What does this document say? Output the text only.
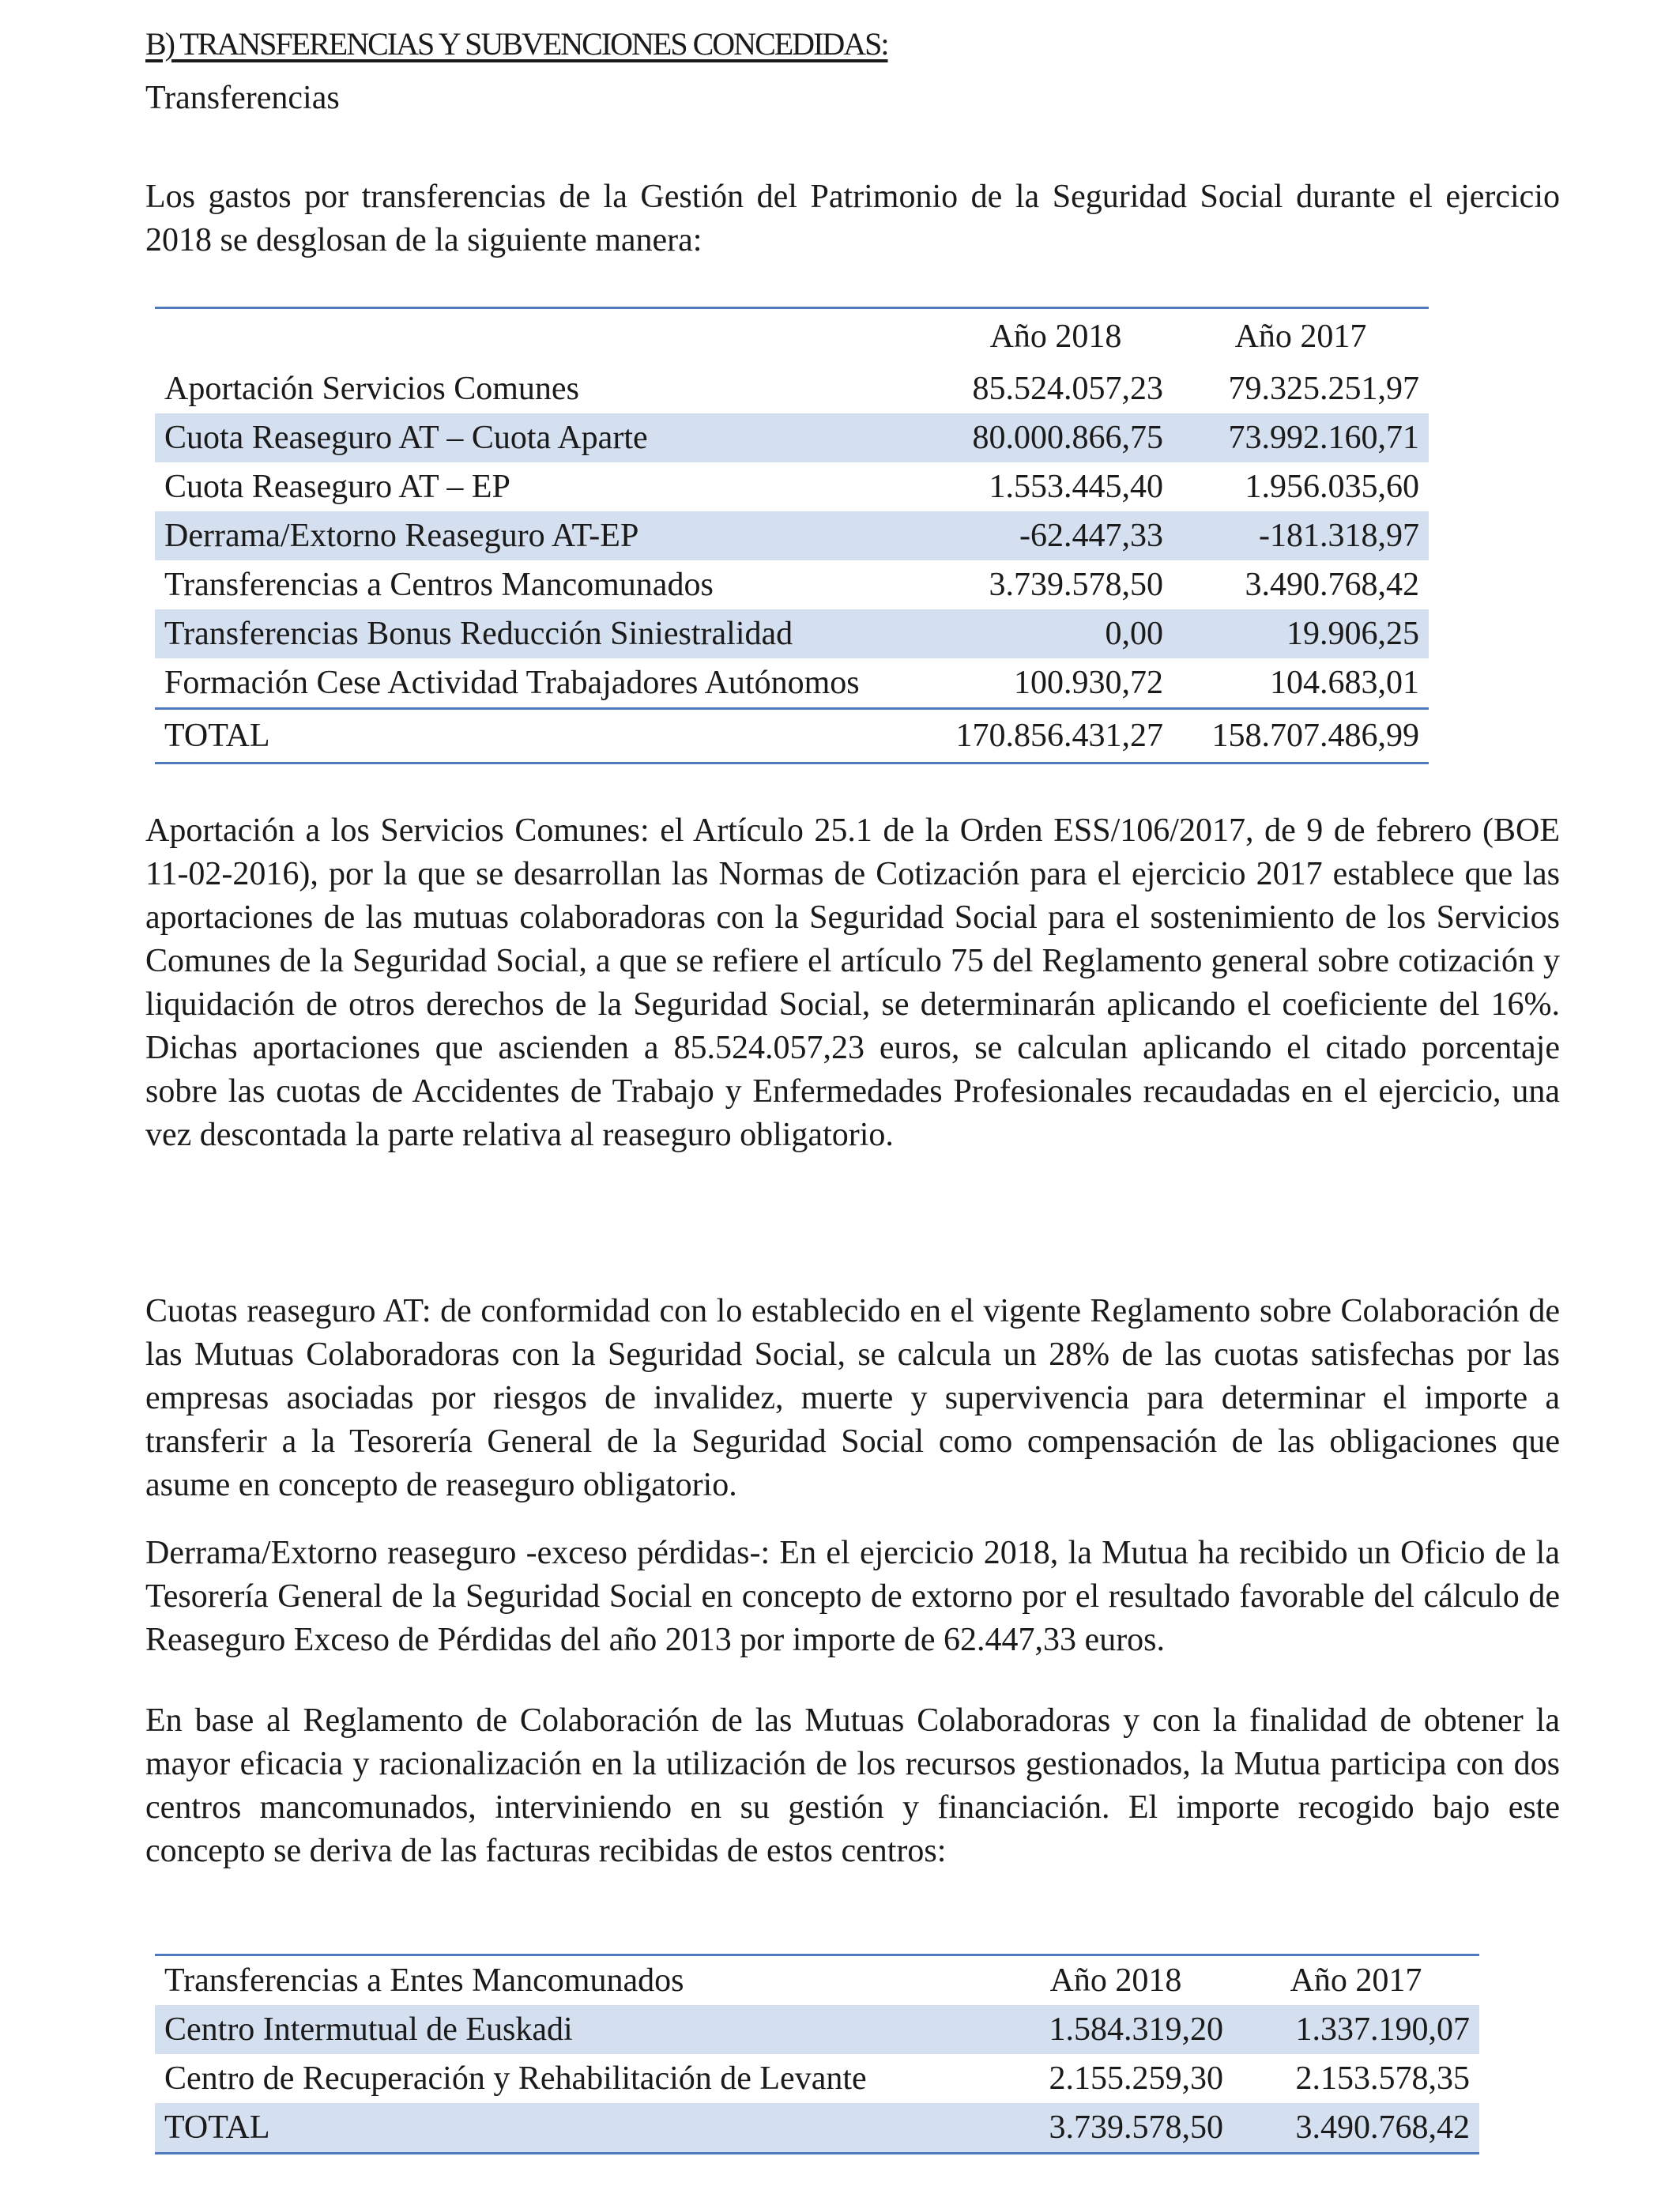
B) TRANSFERENCIAS Y SUBVENCIONES CONCEDIDAS:
Transferencias

Los gastos por transferencias de la Gestión del Patrimonio de la Seguridad Social durante el ejercicio 2018 se desglosan de la siguiente manera:

	Año 2018	Año 2017
Aportación Servicios Comunes	85.524.057,23	79.325.251,97
Cuota Reaseguro AT – Cuota Aparte	80.000.866,75	73.992.160,71
Cuota Reaseguro AT – EP	1.553.445,40	1.956.035,60
Derrama/Extorno Reaseguro AT-EP	-62.447,33	-181.318,97
Transferencias a Centros Mancomunados	3.739.578,50	3.490.768,42
Transferencias Bonus Reducción Siniestralidad	0,00	19.906,25
Formación Cese Actividad Trabajadores Autónomos	100.930,72	104.683,01
TOTAL	170.856.431,27	158.707.486,99

Aportación a los Servicios Comunes: el Artículo 25.1 de la Orden ESS/106/2017, de 9 de febrero (BOE 11-02-2016), por la que se desarrollan las Normas de Cotización para el ejercicio 2017 establece que las aportaciones de las mutuas colaboradoras con la Seguridad Social para el sostenimiento de los Servicios Comunes de la Seguridad Social, a que se refiere el artículo 75 del Reglamento general sobre cotización y liquidación de otros derechos de la Seguridad Social, se determinarán aplicando el coeficiente del 16%. Dichas aportaciones que ascienden a 85.524.057,23 euros, se calculan aplicando el citado porcentaje sobre las cuotas de Accidentes de Trabajo y Enfermedades Profesionales recaudadas en el ejercicio, una vez descontada la parte relativa al reaseguro obligatorio.

Cuotas reaseguro AT: de conformidad con lo establecido en el vigente Reglamento sobre Colaboración de las Mutuas Colaboradoras con la Seguridad Social, se calcula un 28% de las cuotas satisfechas por las empresas asociadas por riesgos de invalidez, muerte y supervivencia para determinar el importe a transferir a la Tesorería General de la Seguridad Social como compensación de las obligaciones que asume en concepto de reaseguro obligatorio.

Derrama/Extorno reaseguro -exceso pérdidas-: En el ejercicio 2018, la Mutua ha recibido un Oficio de la Tesorería General de la Seguridad Social en concepto de extorno por el resultado favorable del cálculo de Reaseguro Exceso de Pérdidas del año 2013 por importe de 62.447,33 euros.

En base al Reglamento de Colaboración de las Mutuas Colaboradoras y con la finalidad de obtener la mayor eficacia y racionalización en la utilización de los recursos gestionados, la Mutua participa con dos centros mancomunados, interviniendo en su gestión y financiación. El importe recogido bajo este concepto se deriva de las facturas recibidas de estos centros:

Transferencias a Entes Mancomunados	Año 2018	Año 2017
Centro Intermutual de Euskadi	1.584.319,20	1.337.190,07
Centro de Recuperación y Rehabilitación de Levante	2.155.259,30	2.153.578,35
TOTAL	3.739.578,50	3.490.768,42
